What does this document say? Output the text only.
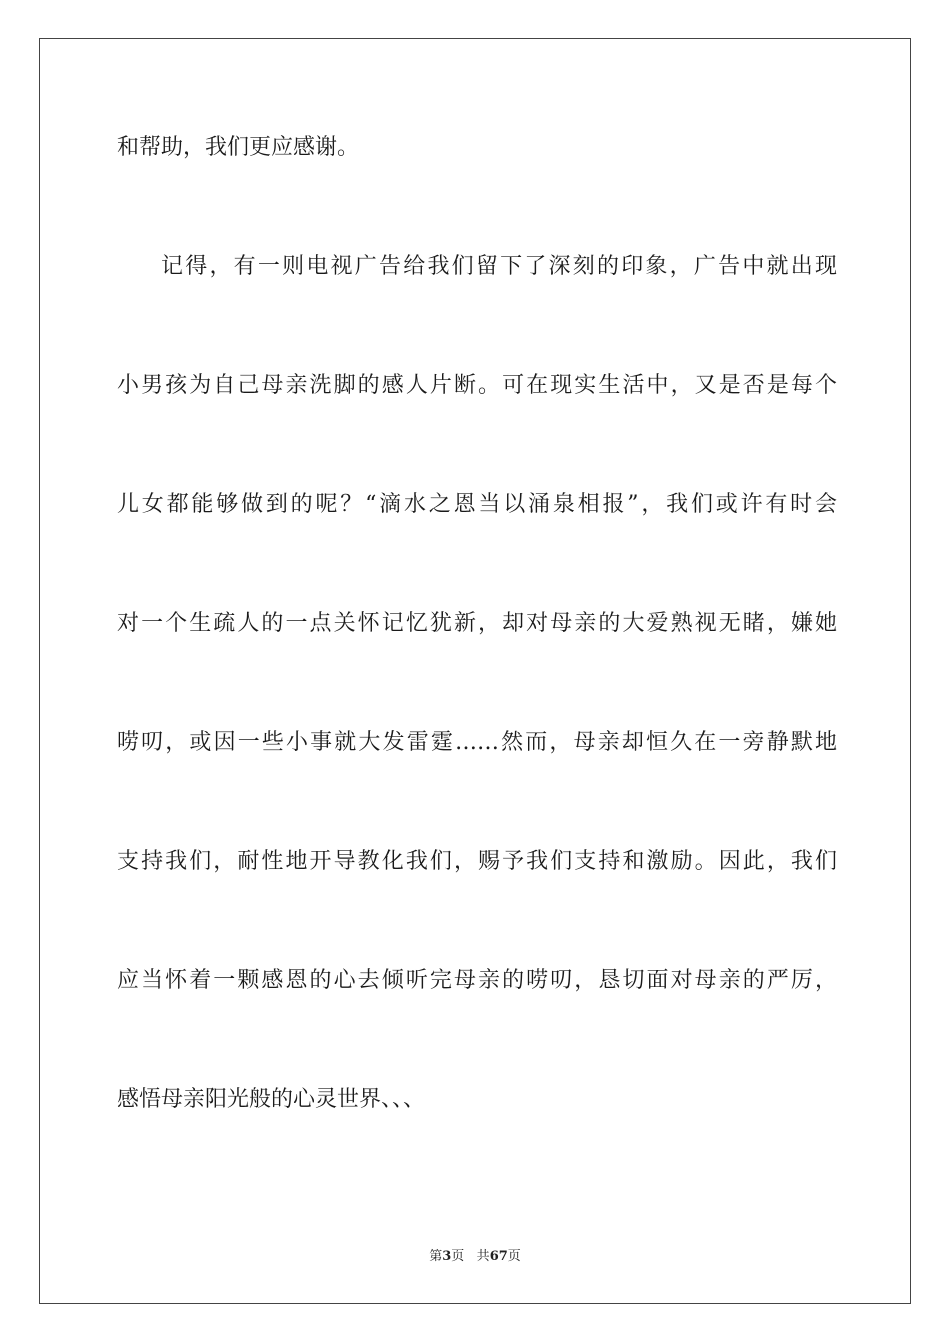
和帮助，我们更应感谢。
记得，有一则电视广告给我们留下了深刻的印象，广告中就出现
小男孩为自己母亲洗脚的感人片断。可在现实生活中，又是否是每个
儿女都能够做到的呢？“滴水之恩当以涌泉相报”，我们或许有时会
对一个生疏人的一点关怀记忆犹新，却对母亲的大爱熟视无睹，嫌她
唠叨，或因一些小事就大发雷霆……然而，母亲却恒久在一旁静默地
支持我们，耐性地开导教化我们，赐予我们支持和激励。因此，我们
应当怀着一颗感恩的心去倾听完母亲的唠叨，恳切面对母亲的严厉，
感悟母亲阳光般的心灵世界、、、
第3页 共67页
